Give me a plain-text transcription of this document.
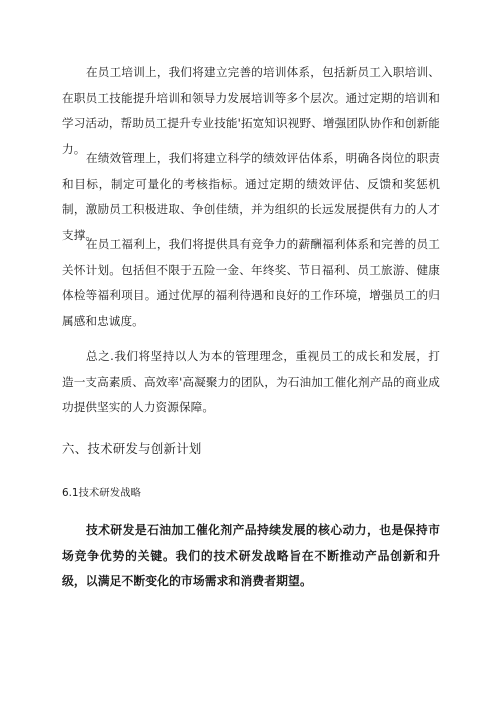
在员工培训上，我们将建立完善的培训体系，包括新员工入职培训、在职员工技能提升培训和领导力发展培训等多个层次。通过定期的培训和学习活动，帮助员工提升专业技能'拓宽知识视野、增强团队协作和创新能力。

在绩效管理上，我们将建立科学的绩效评估体系，明确各岗位的职责和目标，制定可量化的考核指标。通过定期的绩效评估、反馈和奖惩机制，激励员工积极进取、争创佳绩，并为组织的长远发展提供有力的人才支撑。

在员工福利上，我们将提供具有竞争力的薪酬福利体系和完善的员工关怀计划。包括但不限于五险一金、年终奖、节日福利、员工旅游、健康体检等福利项目。通过优厚的福利待遇和良好的工作环境，增强员工的归属感和忠诚度。

总之.我们将坚持以人为本的管理理念，重视员工的成长和发展，打造一支高素质、高效率'高凝聚力的团队，为石油加工催化剂产品的商业成功提供坚实的人力资源保障。

六、技术研发与创新计划
6.1技术研发战略

技术研发是石油加工催化剂产品持续发展的核心动力，也是保持市场竞争优势的关键。我们的技术研发战略旨在不断推动产品创新和升级，以满足不断变化的市场需求和消费者期望。
